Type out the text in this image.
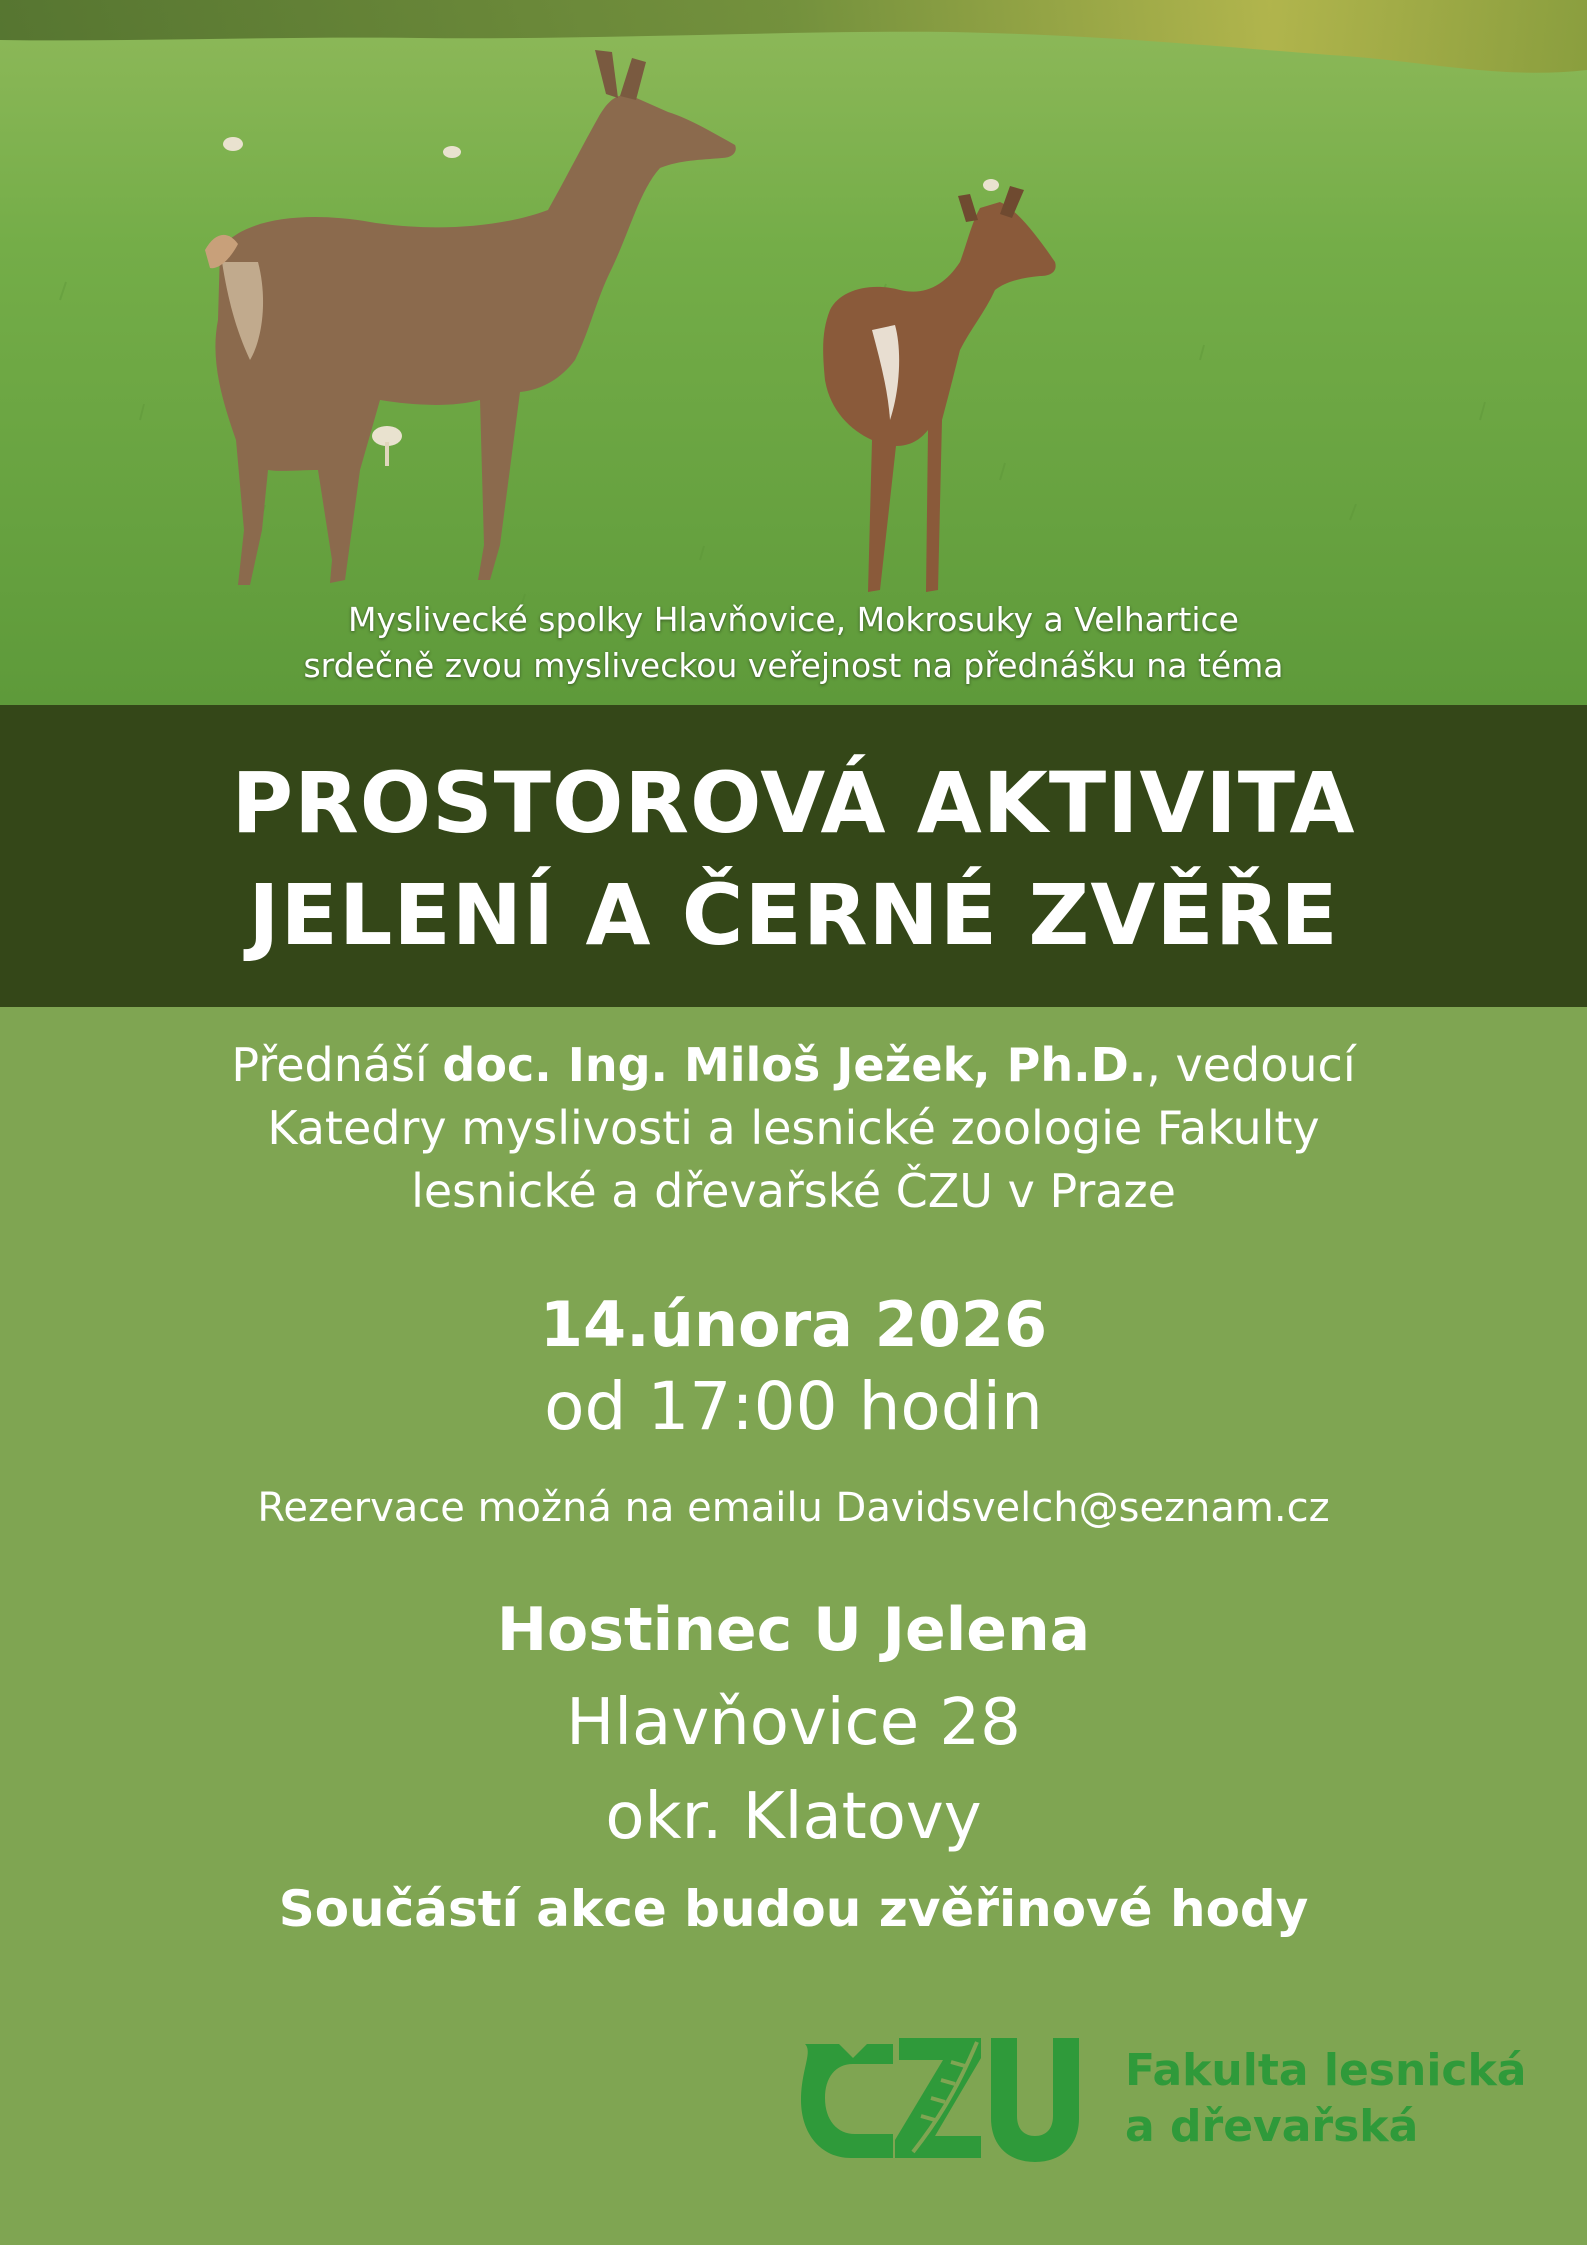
Myslivecké spolky Hlavňovice, Mokrosuky a Velhartice
srdečně zvou mysliveckou veřejnost na přednášku na téma
PROSTOROVÁ AKTIVITA
JELENÍ A ČERNÉ ZVĚŘE
Přednáší doc. Ing. Miloš Ježek, Ph.D., vedoucí
Katedry myslivosti a lesnické zoologie Fakulty
lesnické a dřevařské ČZU v Praze
14.února 2026
od 17:00 hodin
Rezervace možná na emailu Davidsvelch@seznam.cz
Hostinec U Jelena
Hlavňovice 28
okr. Klatovy
Součástí akce budou zvěřinové hody
Fakulta lesnická
a dřevařská
